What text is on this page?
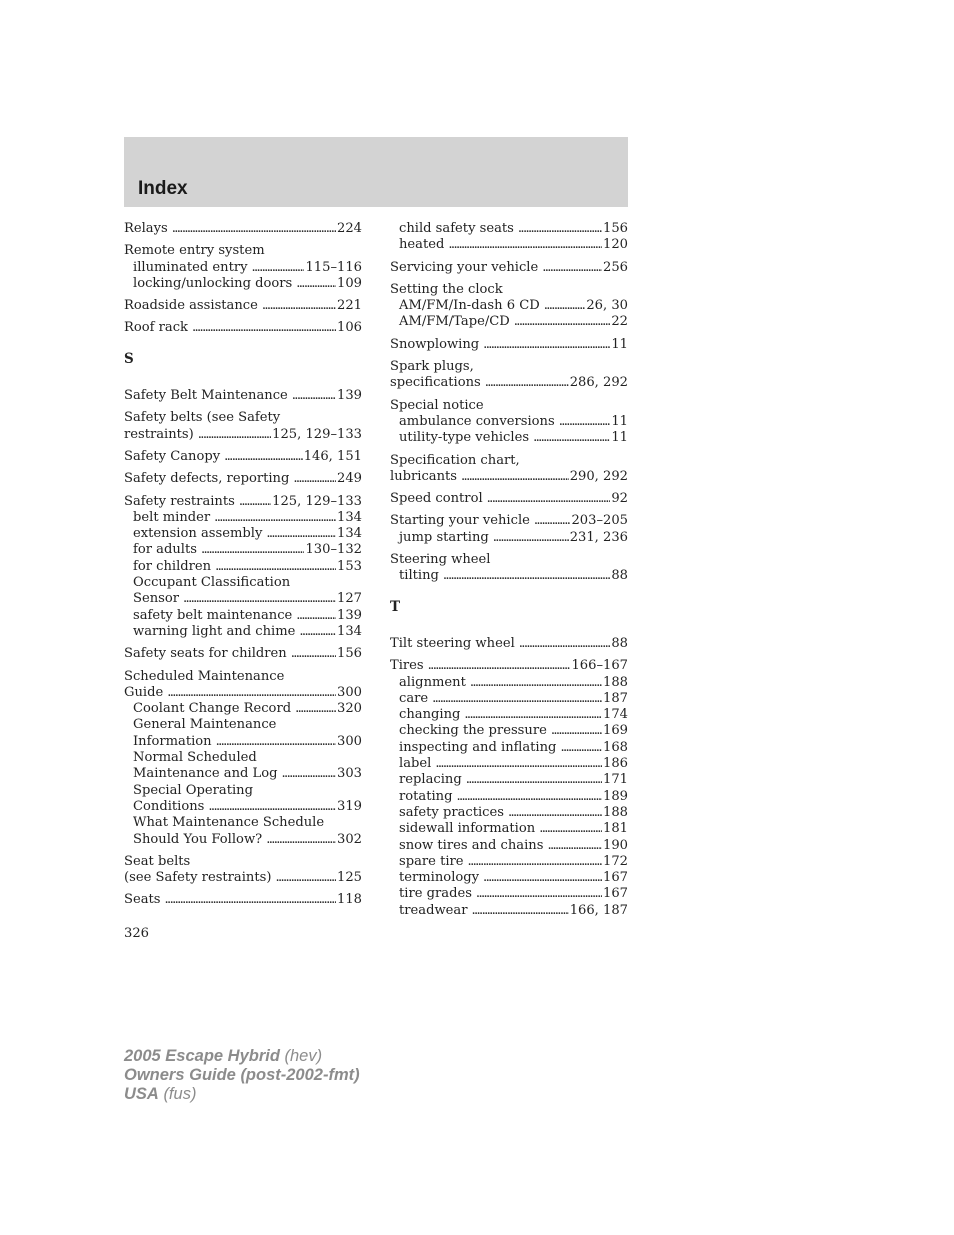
Index
Relays . . .	224
Remote entry system
illuminated entry . . .	115–116
locking/unlocking doors . . .	109
Roadside assistance . . .	221
Roof rack . . .	106
S
Safety Belt Maintenance . . .	139
Safety belts (see Safety
restraints) . . .	125, 129–133
Safety Canopy . . .	146, 151
Safety defects, reporting . . .	249
Safety restraints . . .	125, 129–133
belt minder . . .	134
extension assembly . . .	134
for adults . . .	130–132
for children . . .	153
Occupant Classification
Sensor . . .	127
safety belt maintenance . . .	139
warning light and chime . . .	134
Safety seats for children . . .	156
Scheduled Maintenance
Guide . . .	300
Coolant Change Record . . .	320
General Maintenance
Information . . .	300
Normal Scheduled
Maintenance and Log . . .	303
Special Operating
Conditions . . .	319
What Maintenance Schedule
Should You Follow? . . .	302
Seat belts
(see Safety restraints) . . .	125
Seats . . .	118
child safety seats . . .	156
heated . . .	120
Servicing your vehicle . . .	256
Setting the clock
AM/FM/In-dash 6 CD . . .	26, 30
AM/FM/Tape/CD . . .	22
Snowplowing . . .	11
Spark plugs,
specifications . . .	286, 292
Special notice
ambulance conversions . . .	11
utility-type vehicles . . .	11
Specification chart,
lubricants . . .	290, 292
Speed control . . .	92
Starting your vehicle . . .	203–205
jump starting . . .	231, 236
Steering wheel
tilting . . .	88
T
Tilt steering wheel . . .	88
Tires . . .	166–167
alignment . . .	188
care . . .	187
changing . . .	174
checking the pressure . . .	169
inspecting and inflating . . .	168
label . . .	186
replacing . . .	171
rotating . . .	189
safety practices . . .	188
sidewall information . . .	181
snow tires and chains . . .	190
spare tire . . .	172
terminology . . .	167
tire grades . . .	167
treadwear . . .	166, 187
326
2005 Escape Hybrid (hev)
Owners Guide (post-2002-fmt)
USA (fus)
